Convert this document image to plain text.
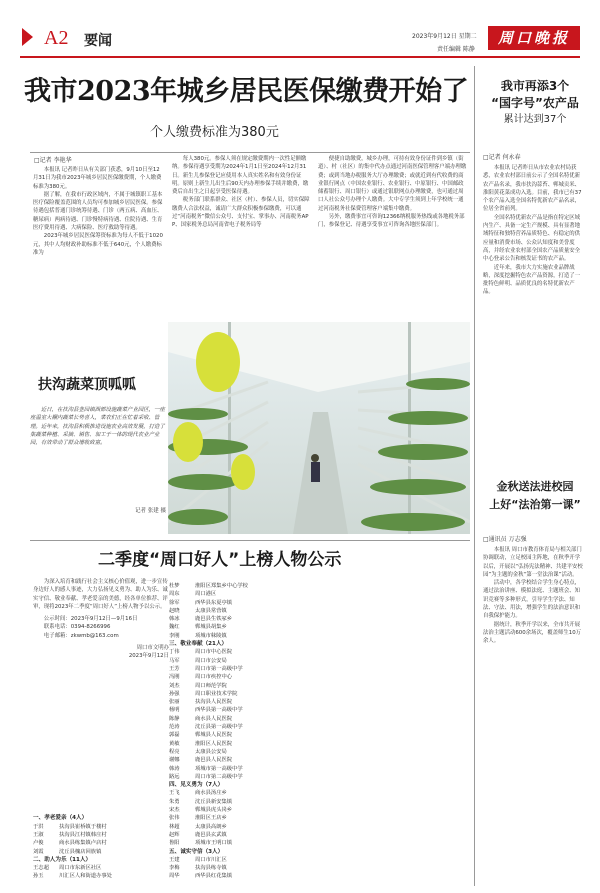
A2 要闻	2023年9月12日 星期二
责任编辑 陈静
周口晚报
我市2023年城乡居民医保缴费开始了
个人缴费标准为380元
□记者 李艳华

本报讯 记者昨日从有关部门获悉，9月10日至12月31日为我市2023年城乡居民医保缴费期，个人缴费标准为380元。

据了解，在我市行政区域内，不属于城镇职工基本医疗保险覆盖范围的人员均可参加城乡居民医保。参保待遇包括普通门诊统筹待遇、门诊（两五病、高血压、糖尿病）两病待遇、门诊慢特病待遇、住院待遇、生育医疗费用待遇、大病保险、医疗救助等待遇。

2023年城乡居民医保筹资标准为每人不低于1020元，其中人均财政补助标准不低于640元，个人缴费标准为

每人380元。参保人须在规定缴费期内一次性足额缴纳。参保待遇享受期为2024年1月1日至2024年12月31日。新生儿参保登记应使用本人真实姓名和有效身份证明。原则上新生儿出生后90天内办理参保手续并缴费，缴费后自出生之日起享受医保待遇。

税务部门联系群众、社区（村）、参保人员，切实保障缴费人合法权益，诚请广大群众积极参保缴费，可以通过“河南税务”微信公众号、支付宝、掌事办、河南税务APP、国家税务总局河南省电子税务局等

便捷自助缴费，城乡办理，可持有效身份证件到乡镇（街道）、村（社区）的集中代办点通过河南医保管理客户端办理缴费；或到当地办税服务大厅办理缴费；或就近到有代收费的商业银行网点（中国农业银行、农业银行、中原银行、中国邮政储蓄银行、周口银行）或通过银联网点办理缴费，也可通过周口人社公众号办理个人缴费。大中专学生须到上年学校统一通过河南税务社保费管理客户端集中缴费。

另外，缴费事宜可咨询12366纳税服务热线或各地税务部门，参保登记、待遇享受事宜可咨询各地医保部门。

我市再添3个
“国字号”农产品
累计达到37个
□记者 何永春

本报讯 记者昨日从市农业农村局获悉，农业农村部日前公示了全国名特优新农产品名录，我市扶沟蒜苔、郸城贡米、淮阳黄花菜成功入选。目前，我市已有37个农产品入选全国名特优新农产品名录，位居全省前列。

全国名特优新农产品是指在特定区域内生产、具备一定生产规模、具有显著地域特征和独特营养品质特色、有稳定的供应量和消费市场、公众认知度和美誉度高，并经农业农村部全国农产品质量安全中心登录公告和核发证书的农产品。

近年来，我市大力实施农业品牌战略，深度挖掘特色农产品资源，打造了一批特色鲜明、品质优良的名特优新农产品。

金秋送法进校园
上好“法治第一课”
□通讯员 万志强

本报讯 周口市教育体育局与相关部门协调联动，立足校园主阵地，在秋季开学以后，开展以“弘扬宪法精神、共建平安校园”为主题的金秋“第一堂法治课”活动。

活动中，各学校结合学生身心特点，通过法治讲座、模拟法庭、主题班会、知识竞赛等多种形式，引导学生学法、知法、守法、用法，增强学生的法治意识和自我保护能力。

据统计，秋季开学以来，全市共开展法治主题活动600余场次，覆盖师生10万余人。

扶沟蔬菜顶呱呱
近日，在扶沟县韭园镇西部设施蔬菜产业园区，一座座温室大棚内蔬菜长势喜人，菜农们正在忙着采收、管理。近年来，扶沟县积极推进设施农业高效发展，打造了集蔬菜种植、采摘、销售、加工于一体的现代农业产业园，有效带动了群众增收致富。
记者 张建 摄
二季度“周口好人”上榜人物公示

为深入培育和践行社会主义核心价值观，进一步宣传身边好人的感人事迹，大力弘扬见义勇为、助人为乐、诚实守信、敬业奉献、孝老爱亲的美德，经各单位推荐、评审，现将2023年二季度“周口好人”上榜人物予以公示。

公示时间：2023年9月12日—9月16日

联系电话：0394-8266996

电子邮箱：zkwmb@163.com

周口市文明办

2023年9月12日

一、孝老爱亲（4人）
于洪	扶沟县崔桥镇于楼村
王淑	扶沟县江村镇韩庄村
卢俊	商水县练集镇卢店村
刘霞	沈丘县槐店回族镇
二、助人为乐（11人）
王志超	周口市东新区社区
孙玉	川汇区人和街道办事处
杜梦	淮阳区郑集乡中心学校
周东	周口港区
徐军	西华县东夏亭镇
赵晓	太康县常营镇
韩冰	鹿邑县生铁冢乡
魏红	郸城县胡集乡
李刚	项城市秣陵镇
三、敬业奉献（21人）
丁伟	周口市中心医院
马军	周口市公安局
王芳	周口市第一高级中学
冯刚	周口市疾控中心
刘杰	周口师范学院
孙强	周口职业技术学院
张丽	扶沟县人民医院
杨明	西华县第一高级中学
陈静	商水县人民医院
范涛	沈丘县第一高级中学
郭磊	郸城县人民医院
黄敏	淮阳区人民医院
程亮	太康县公安局
谢娜	鹿邑县人民医院
韩涛	项城市第一高级中学
路远	周口市第二高级中学
四、见义勇为（7人）
王飞	商水县汤庄乡
朱勇	沈丘县新安集镇
宋杰	郸城县虎头岗乡
张伟	淮阳区王店乡
林超	太康县高朗乡
赵辉	鹿邑县玄武镇
鲁阳	项城市王明口镇
五、诚实守信（3人）
王建	周口市川汇区
李梅	扶沟县练寺镇
周华	西华县红花集镇
